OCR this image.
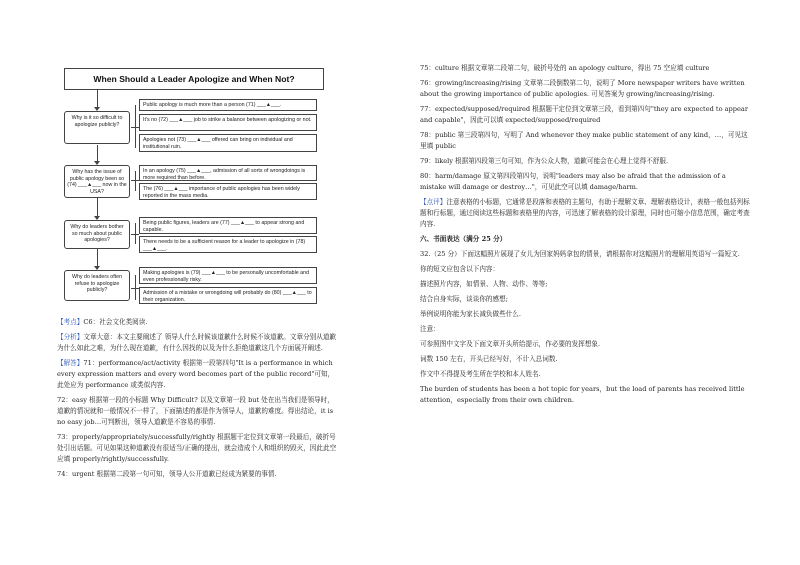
When Should a Leader Apologize and When Not?
Why is it so difficult to apologize publicly?
Why has the issue of public apology been so (74) ___▲___ now in the USA?
Why do leaders bother so much about public apologies?
Why do leaders often refuse to apologize publicly?
Public apology is much more than a person (71) ___▲___.
It's no (72) ___▲___ job to strike a balance between apologizing or not.
Apologies not (73) ___▲___ offered can bring on individual and institutional ruin.
In an apology (75) ___▲___, admission of all sorts of wrongdoings is more required than before.
The (76) ___▲___ importance of public apologies has been widely reported in the mass media.
Being public figures, leaders are (77) ___▲___ to appear strong and capable.
There needs to be a sufficient reason for a leader to apologize in (78) ___▲___.
Making apologies is (79) ___▲___ to be personally uncomfortable and even professionally risky.
Admission of a mistake or wrongdoing will probably do (80) ___▲___ to their organization.

【考点】C6：社会文化类阅读.

【分析】文章大意：本文主要阐述了 领导人什么时候该道歉什么时候不该道歉。文章分别从道歉为什么如此之难，为什么现在道歉，有什么因找的以及为什么拒绝道歉这几个方面展开阐述.

【解答】71：performance/act/activity 根据第一段第四句"It is a performance in which every expression matters and every word becomes part of the public record"可知，此处应为 performance 或类似内容.

72：easy 根据第一段的小标题 Why Difficult? 以及文章第一段 but 处在出当我们是领导时，道歉的情况就和一般情况不一样了，下面描述的都是作为领导人，道歉的难度。得出结论，it is no easy job…可判断出，领导人道歉是不容易的事情.

73：properly/appropriately/successfully/rightly 根据题干定位到文章第一段最后，破折号处引出话题。可见如果这种道歉没有很适当/正确的提出，就会造成个人和组织的毁灭，因此此空应填 properly/rightly/successfully.

74：urgent 根据第二段第一句可知，领导人公开道歉已经成为紧要的事情.

75：culture 根据文章第二段第二句，破折号处的 an apology culture，得出 75 空应填 culture

76：growing/increasing/rising 文章第二段倒数第二句，说明了 More newspaper writers have written about the growing importance of public apologies. 可见答案为 growing/increasing/rising.

77：expected/supposed/required 根据题干定位到文章第三段，看到第四句"they are expected to appear and capable"，因此可以填 expected/supposed/required

78：public 第三段第四句，写明了 And whenever they make public statement of any kind，…，可见这里填 public

79：likely 根据第四段第三句可知，作为公众人物，道歉可能会在心理上觉得不舒服.

80：harm/damage 原文第四段第四句，说明"leaders may also be afraid that the admission of a mistake will damage or destroy…"，可见此空可以填 damage/harm.

【点评】注意表格的小标题，它通常是段落和表格的主题句，有助于理解文章、理解表格设计，表格一般包括列标题和行标题，通过阅读这些标题和表格里的内容，可迅速了解表格的设计原理，同时也可缩小信息范围，确定考查内容.

六、书面表达（满分 25 分）

32.（25 分）下面这幅照片展现了女儿为回家妈妈拿包的情景，请根据你对这幅照片的理解用英语写一篇短文.

你的短文应包含以下内容：

描述照片内容，如情景、人物、动作、等等;

结合自身实际，谈谈你的感想;

举例说明你能为家长减负做些什么.

注意：

可参照图中文字及下面文章开头所给提示，作必要的发挥想象.

词数 150 左右，开头已经写好，不计入总词数.

作文中不得提及考生所在学校和本人姓名.

The burden of students has been a hot topic for years，but the load of parents has received little attention，especially from their own children.
